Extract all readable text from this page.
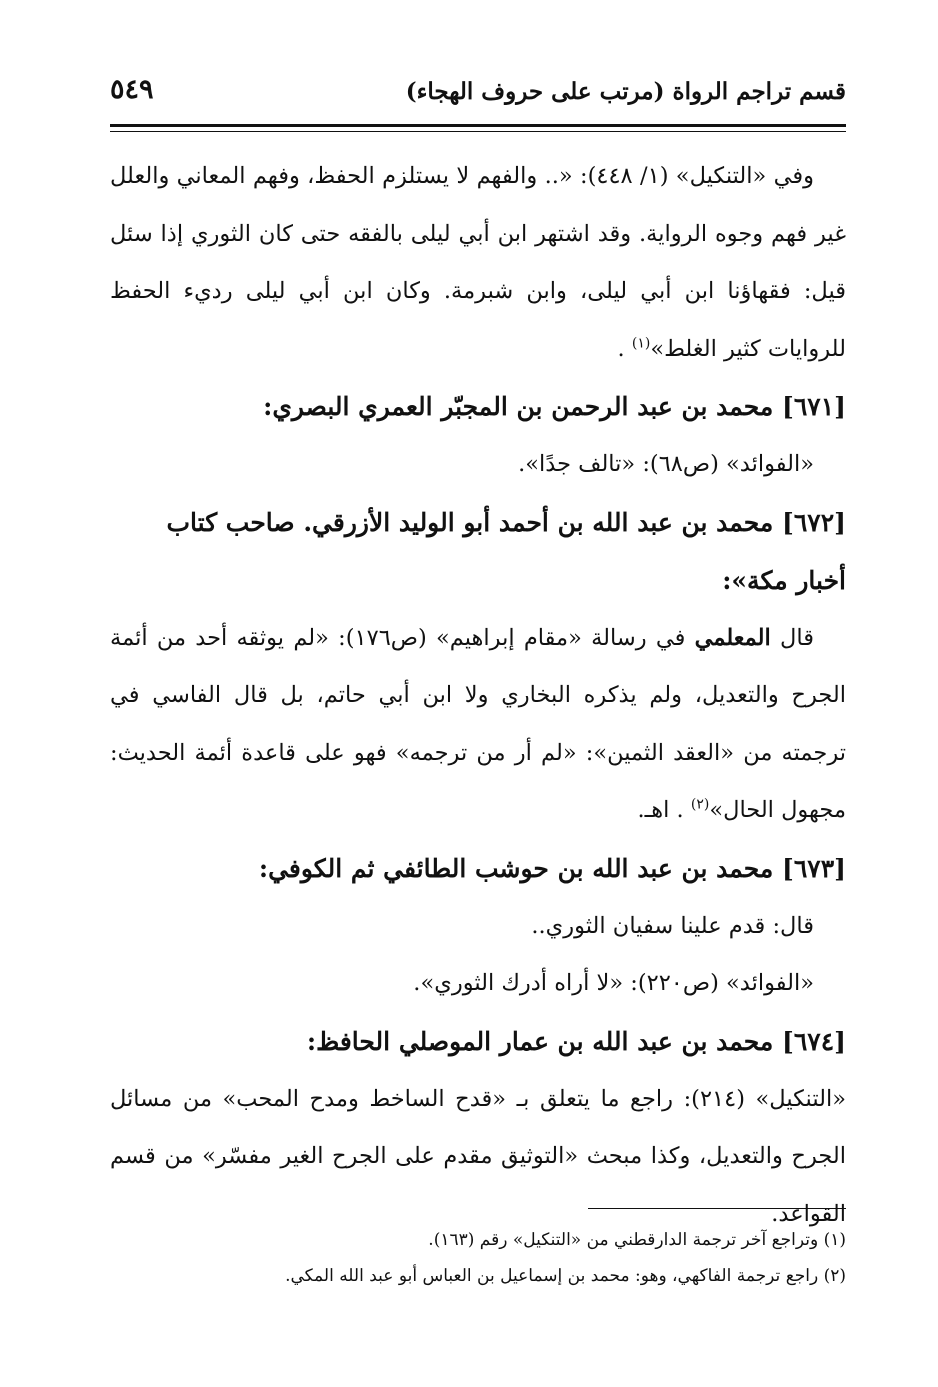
قسم تراجم الرواة (مرتب على حروف الهجاء)
٥٤٩

وفي «التنكيل» (١/ ٤٤٨): «.. والفهم لا يستلزم الحفظ، وفهم المعاني والعلل غير فهم وجوه الرواية. وقد اشتهر ابن أبي ليلى بالفقه حتى كان الثوري إذا سئل قيل: فقهاؤنا ابن أبي ليلى، وابن شبرمة. وكان ابن أبي ليلى رديء الحفظ للروايات كثير الغلط»$^{(١)}$ .

[٦٧١] محمد بن عبد الرحمن بن المجبّر العمري البصري:

«الفوائد» (ص٦٨): «تالف جدًا».

[٦٧٢] محمد بن عبد الله بن أحمد أبو الوليد الأزرقي. صاحب كتاب أخبار مكة»:

قال المعلمي في رسالة «مقام إبراهيم» (ص١٧٦): «لم يوثقه أحد من أئمة الجرح والتعديل، ولم يذكره البخاري ولا ابن أبي حاتم، بل قال الفاسي في ترجمته من «العقد الثمين»: «لم أر من ترجمه» فهو على قاعدة أئمة الحديث: مجهول الحال»$^{(٢)}$ . اهـ.

[٦٧٣] محمد بن عبد الله بن حوشب الطائفي ثم الكوفي:

قال: قدم علينا سفيان الثوري..

«الفوائد» (ص٢٢٠): «لا أراه أدرك الثوري».

[٦٧٤] محمد بن عبد الله بن عمار الموصلي الحافظ:

«التنكيل» (٢١٤): راجع ما يتعلق بـ «قدح الساخط ومدح المحب» من مسائل الجرح والتعديل، وكذا مبحث «التوثيق مقدم على الجرح الغير مفسّر» من قسم القواعد.

(١) وتراجع آخر ترجمة الدارقطني من «التنكيل» رقم (١٦٣).

(٢) راجع ترجمة الفاكهي، وهو: محمد بن إسماعيل بن العباس أبو عبد الله المكي.
